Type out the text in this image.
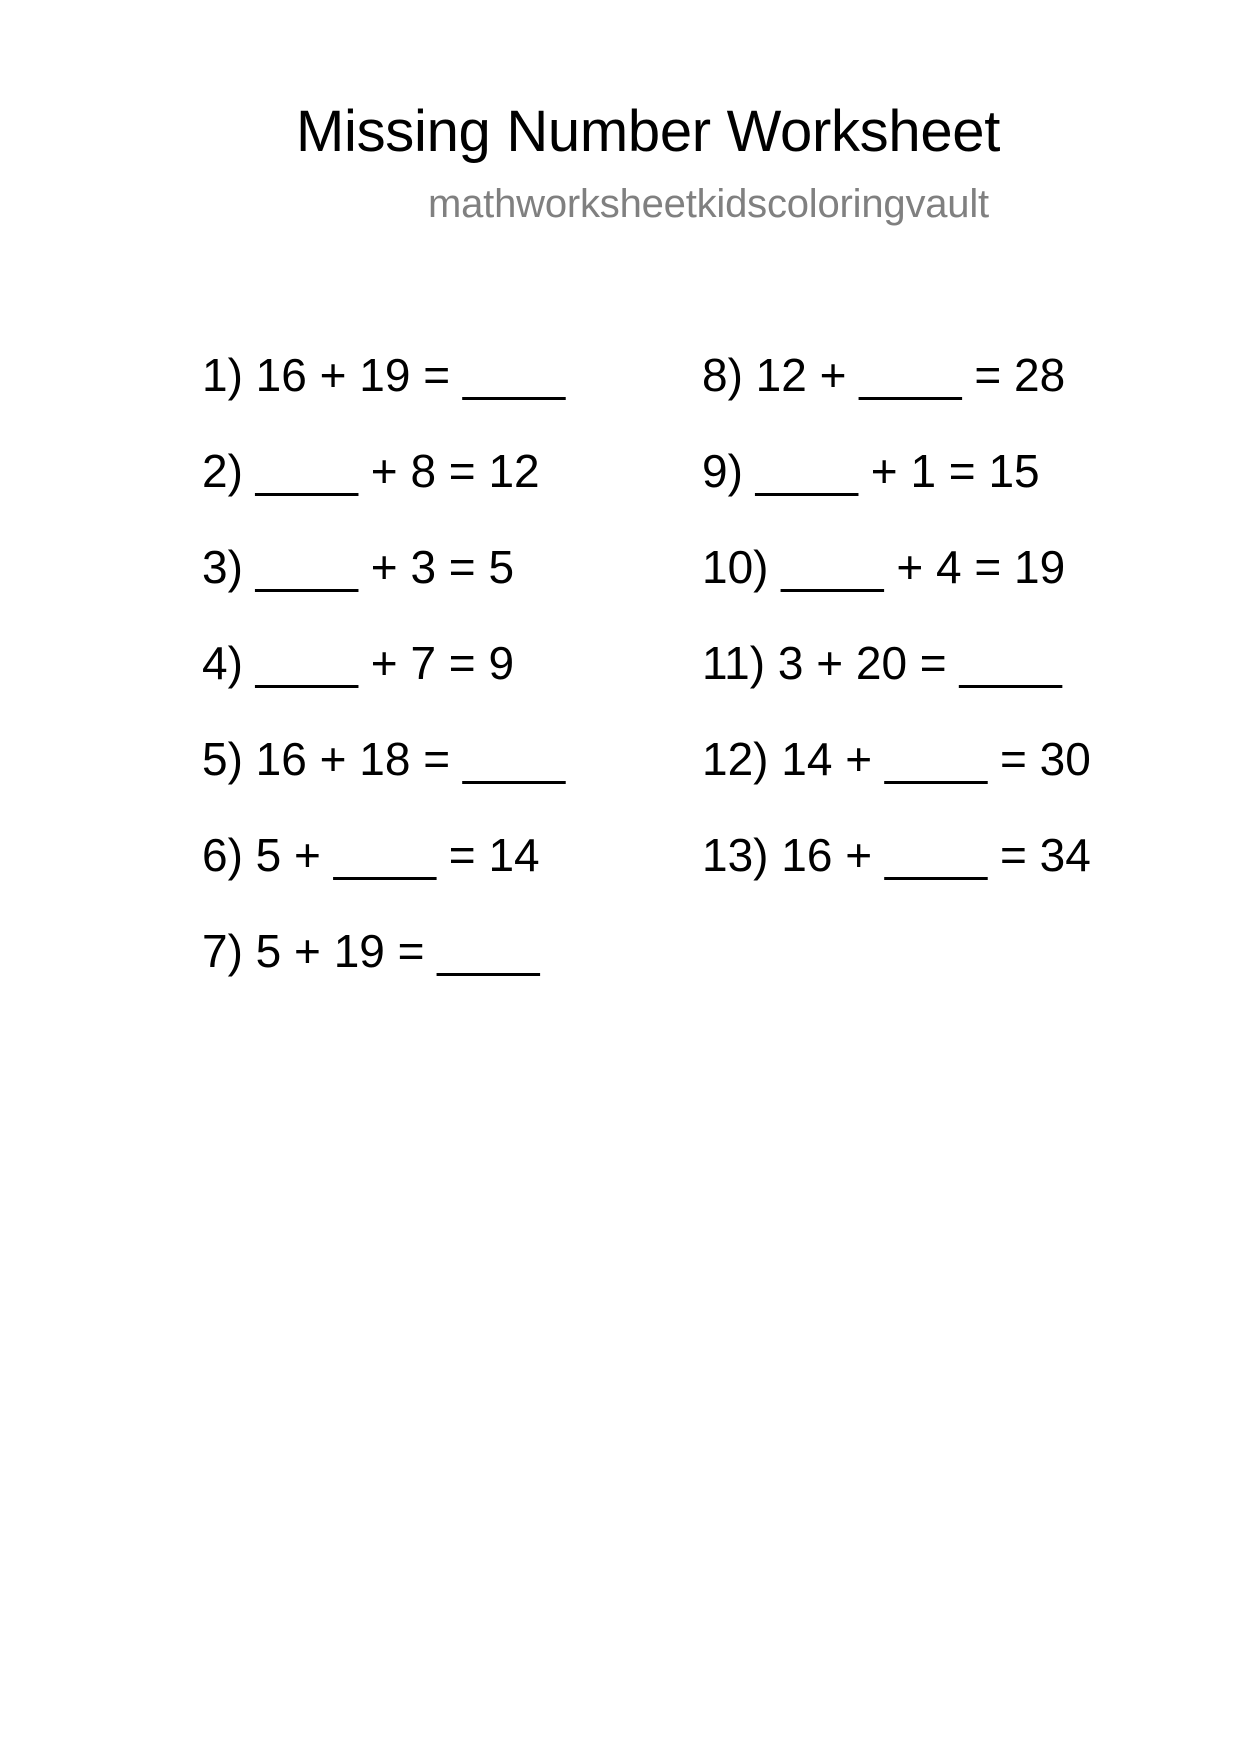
Missing Number Worksheet
mathworksheetkidscoloringvault
1) 16 + 19 = ____
2) ____ + 8 = 12
3) ____ + 3 = 5
4) ____ + 7 = 9
5) 16 + 18 = ____
6) 5 + ____ = 14
7) 5 + 19 = ____
8) 12 + ____ = 28
9) ____ + 1 = 15
10) ____ + 4 = 19
11) 3 + 20 = ____
12) 14 + ____ = 30
13) 16 + ____ = 34
